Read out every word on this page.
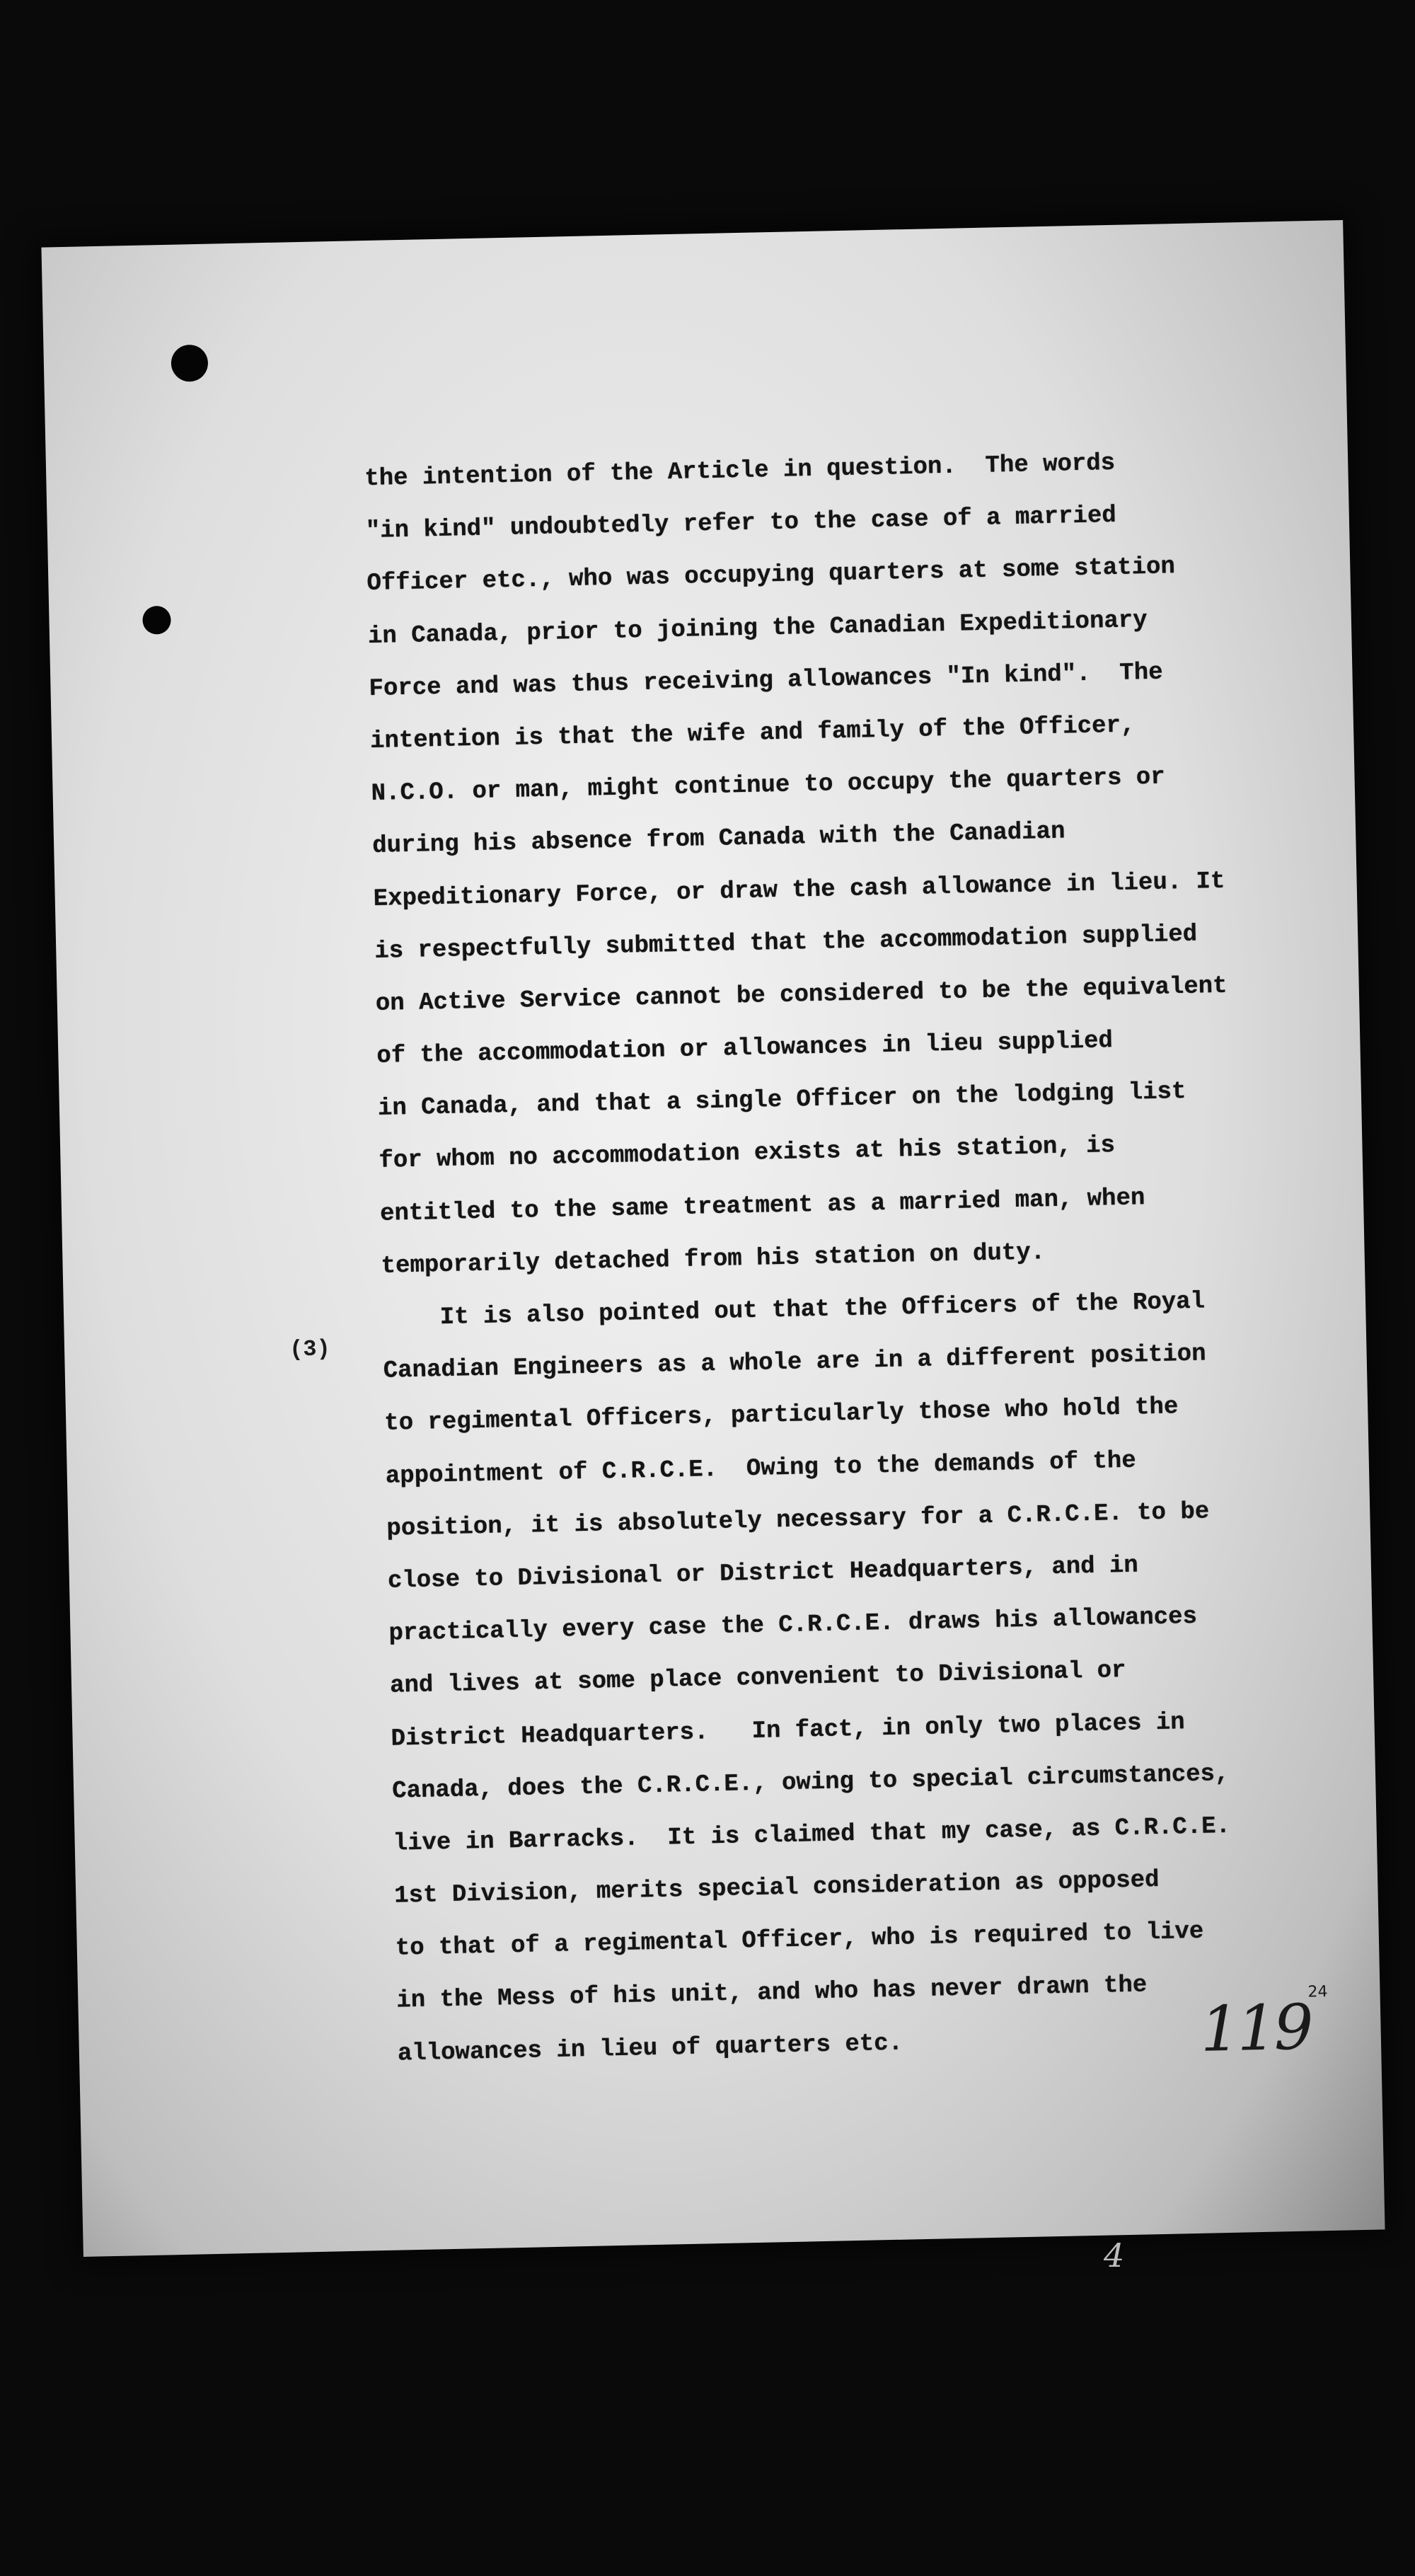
(3)
the intention of the Article in question.  The words
"in kind" undoubtedly refer to the case of a married
Officer etc., who was occupying quarters at some station
in Canada, prior to joining the Canadian Expeditionary
Force and was thus receiving allowances "In kind".  The
intention is that the wife and family of the Officer,
N.C.O. or man, might continue to occupy the quarters or
during his absence from Canada with the Canadian
Expeditionary Force, or draw the cash allowance in lieu. It
is respectfully submitted that the accommodation supplied
on Active Service cannot be considered to be the equivalent
of the accommodation or allowances in lieu supplied
in Canada, and that a single Officer on the lodging list
for whom no accommodation exists at his station, is
entitled to the same treatment as a married man, when
temporarily detached from his station on duty.
It is also pointed out that the Officers of the Royal
Canadian Engineers as a whole are in a different position
to regimental Officers, particularly those who hold the
appointment of C.R.C.E.  Owing to the demands of the
position, it is absolutely necessary for a C.R.C.E. to be
close to Divisional or District Headquarters, and in
practically every case the C.R.C.E. draws his allowances
and lives at some place convenient to Divisional or
District Headquarters.   In fact, in only two places in
Canada, does the C.R.C.E., owing to special circumstances,
live in Barracks.  It is claimed that my case, as C.R.C.E.
1st Division, merits special consideration as opposed
to that of a regimental Officer, who is required to live
in the Mess of his unit, and who has never drawn the
allowances in lieu of quarters etc.	119
24
4
